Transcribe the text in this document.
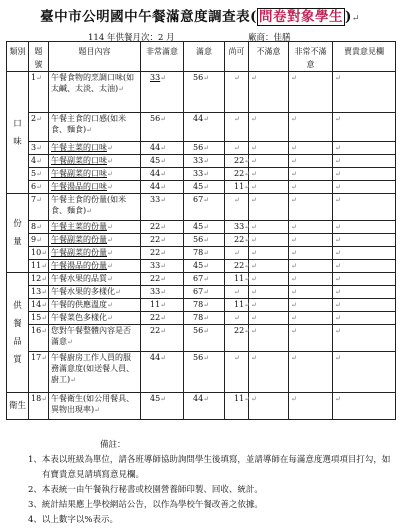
臺中市公明國中午餐滿意度調查表( 問卷對象學生 )↵
114 年供餐月次：2 月	廠商：佳膳
類別	題號	題目內容	非常滿意	滿意	尚可	不滿意	非常不滿意	賣貴意見欄
口
味	1↵	午餐食物的烹調口味(如太鹹、太淡、太油)↵	33↵	56↵	↵	↵	↵	↵
	2↵	午餐主食的口感(如米食、麵食)↵	56↵	44↵	↵	↵	↵	↵
	3↵	午餐主菜的口味↵	44↵	56↵	↵	↵	↵	↵
	4↵	午餐副菜的口味↵	45↵	33↵	22↵	↵	↵	↵
	5↵	午餐副菜的口味↵	44↵	33↵	22↵	↵	↵	↵
	6↵	午餐湯品的口味↵	44↵	45↵	11↵	↵	↵	↵
份
量	7↵	午餐主食的份量(如米食、麵食)↵	33↵	67↵	↵	↵	↵	↵
	8↵	午餐主菜的份量↵	22↵	45↵	33↵	↵	↵	↵
	9↵	午餐副菜的份量↵	22↵	56↵	22↵	↵	↵	↵
	10↵	午餐副菜的份量↵	22↵	78↵	↵	↵	↵	↵
	11↵	午餐湯品的份量↵	33↵	45↵	22↵	↵	↵	↵
供
餐
品
質	12↵	午餐水果的品質↵	22↵	67↵	11↵	↵	↵	↵
	13↵	午餐水果的多樣化↵	33↵	67↵	↵	↵	↵	↵
	14↵	午餐的供應溫度↵	11↵	78↵	11↵	↵	↵	↵
	15↵	午餐菜色多樣化↵	22↵	78↵	↵	↵	↵	↵
	16↵	您對午餐整體內容是否滿意↵	22↵	56↵	22↵	↵	↵	↵
	17↵	午餐廚房工作人員的服務滿意度(如送餐人員、廚工)↵	44↵	56↵	↵	↵	↵	↵
衛生	18↵	午餐衛生(如公用餐具、異物出現率)↵	45↵	44↵	11↵	↵	↵	↵
備註：
1、本表以班級為單位，請各班導師協助詢問學生後填寫，並請導師在每滿意度選項項目打勾，如有寶貴意見請填寫意見欄。
2、本表統一由午餐執行秘書或校園營養師印製、回收、統計。
3、統計結果應上學校網站公告，以作為學校午餐改善之依據。
4、以上數字以%表示。
